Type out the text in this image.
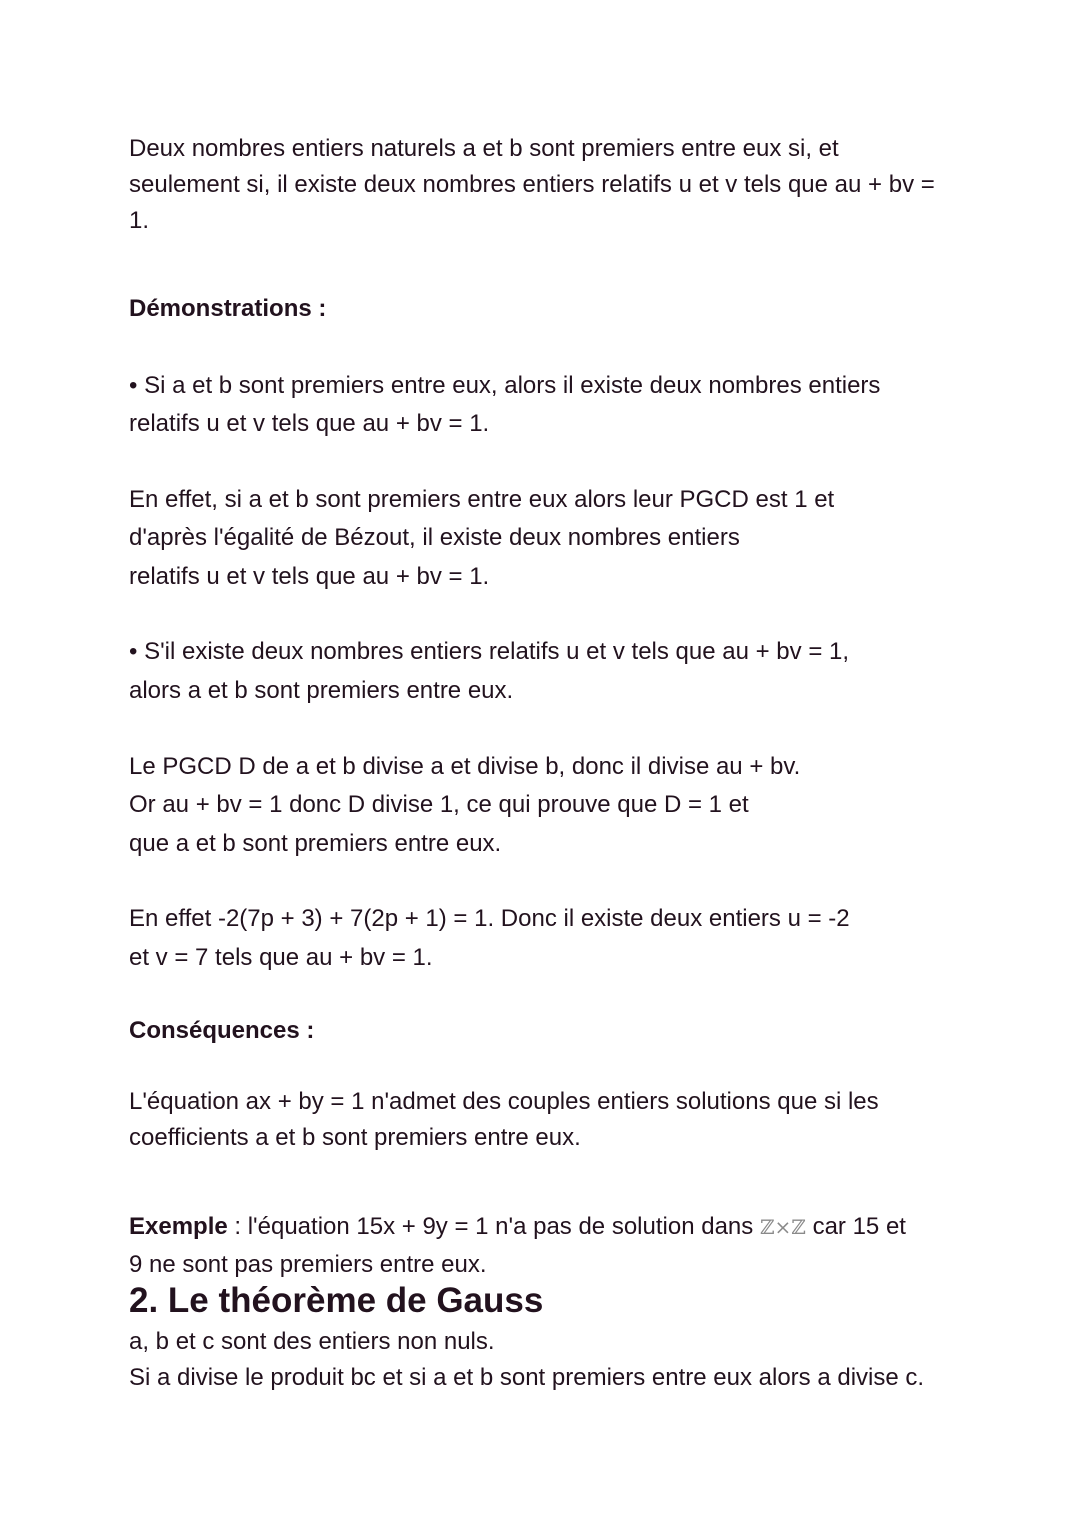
Deux nombres entiers naturels a et b sont premiers entre eux si, et
seulement si, il existe deux nombres entiers relatifs u et v tels que au + bv =
1.
Démonstrations :
• Si a et b sont premiers entre eux, alors il existe deux nombres entiers
relatifs u et v tels que au + bv = 1.
En effet, si a et b sont premiers entre eux alors leur PGCD est 1 et
d'après l'égalité de Bézout, il existe deux nombres entiers
relatifs u et v tels que au + bv = 1.
• S'il existe deux nombres entiers relatifs u et v tels que au + bv = 1,
alors a et b sont premiers entre eux.
Le PGCD D de a et b divise a et divise b, donc il divise au + bv.
Or au + bv = 1 donc D divise 1, ce qui prouve que D = 1 et
que a et b sont premiers entre eux.
En effet -2(7p + 3) + 7(2p + 1) = 1. Donc il existe deux entiers u = -2
et v = 7 tels que au + bv = 1.
Conséquences :
L'équation ax + by = 1 n'admet des couples entiers solutions que si les
coefficients a et b sont premiers entre eux.
Exemple : l'équation 15x + 9y = 1 n'a pas de solution dans ℤ×ℤ car 15 et
9 ne sont pas premiers entre eux.
2. Le théorème de Gauss
a, b et c sont des entiers non nuls.
Si a divise le produit bc et si a et b sont premiers entre eux alors a divise c.
